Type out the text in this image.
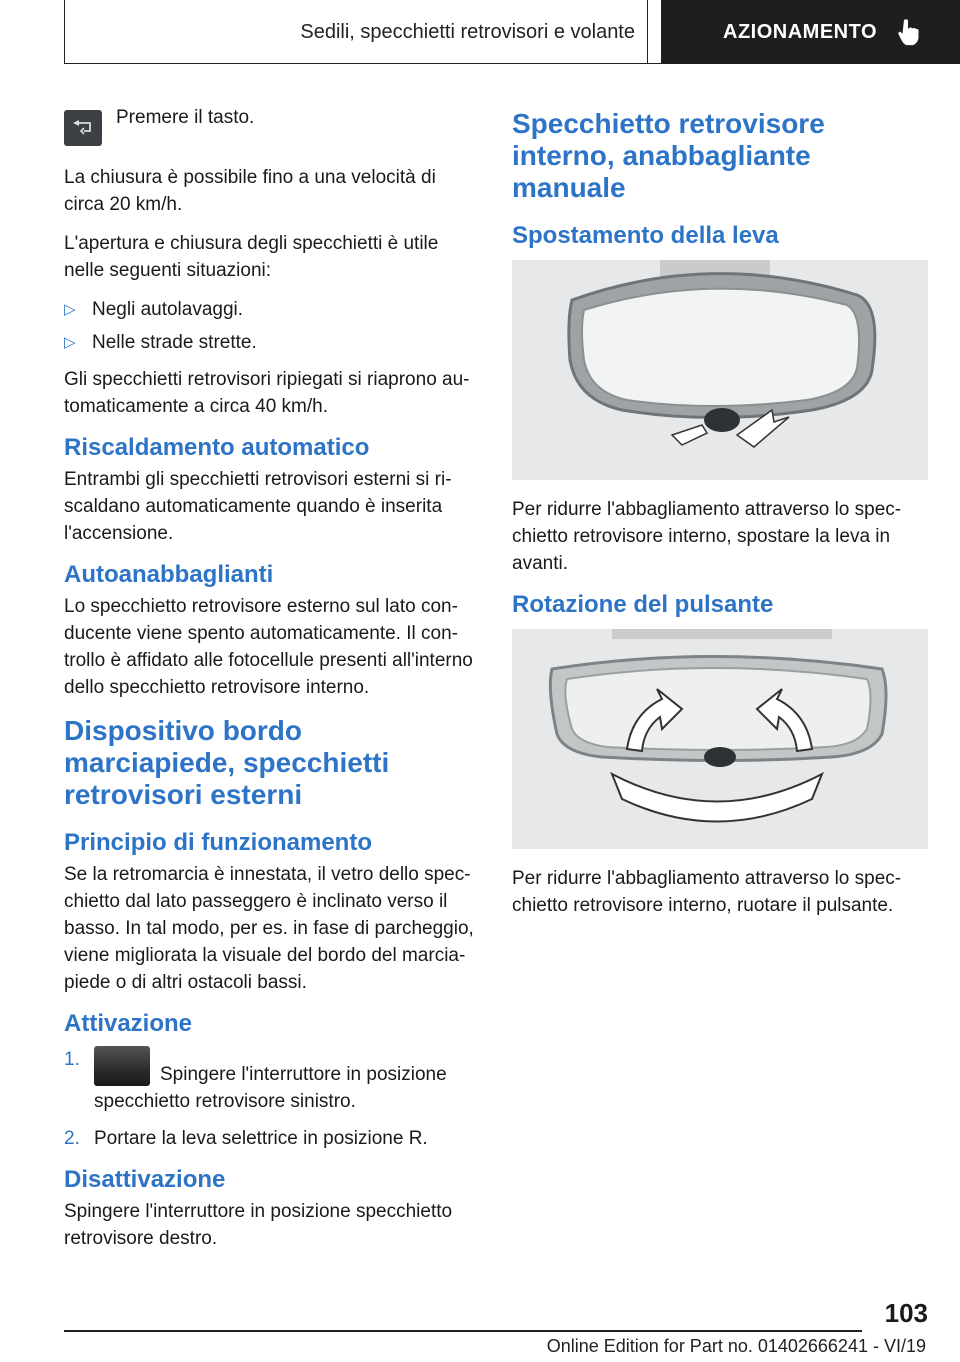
Sedili, specchietti retrovisori e volante	AZIONAMENTO

Premere il tasto.

La chiusura è possibile fino a una velocità di circa 20 km/h.

L'apertura e chiusura degli specchietti è utile nelle seguenti situazioni:

▷ Negli autolavaggi.
▷ Nelle strade strette.

Gli specchietti retrovisori ripiegati si riaprono automaticamente a circa 40 km/h.

Riscaldamento automatico

Entrambi gli specchietti retrovisori esterni si riscaldano automaticamente quando è inserita l'accensione.

Autoanabbaglianti

Lo specchietto retrovisore esterno sul lato conducente viene spento automaticamente. Il controllo è affidato alle fotocellule presenti all'interno dello specchietto retrovisore interno.

Dispositivo bordo marciapiede, specchietti retrovisori esterni
Principio di funzionamento

Se la retromarcia è innestata, il vetro dello specchietto dal lato passeggero è inclinato verso il basso. In tal modo, per es. in fase di parcheggio, viene migliorata la visuale del bordo del marciapiede o di altri ostacoli bassi.

Attivazione
1.
Spingere l'interruttore in posizione specchietto retrovisore sinistro.
2. Portare la leva selettrice in posizione R.
Disattivazione

Spingere l'interruttore in posizione specchietto retrovisore destro.

Specchietto retrovisore interno, anabbagliante manuale
Spostamento della leva

Per ridurre l'abbagliamento attraverso lo specchietto retrovisore interno, spostare la leva in avanti.

Rotazione del pulsante

Per ridurre l'abbagliamento attraverso lo specchietto retrovisore interno, ruotare il pulsante.

103
Online Edition for Part no. 01402666241 - VI/19
